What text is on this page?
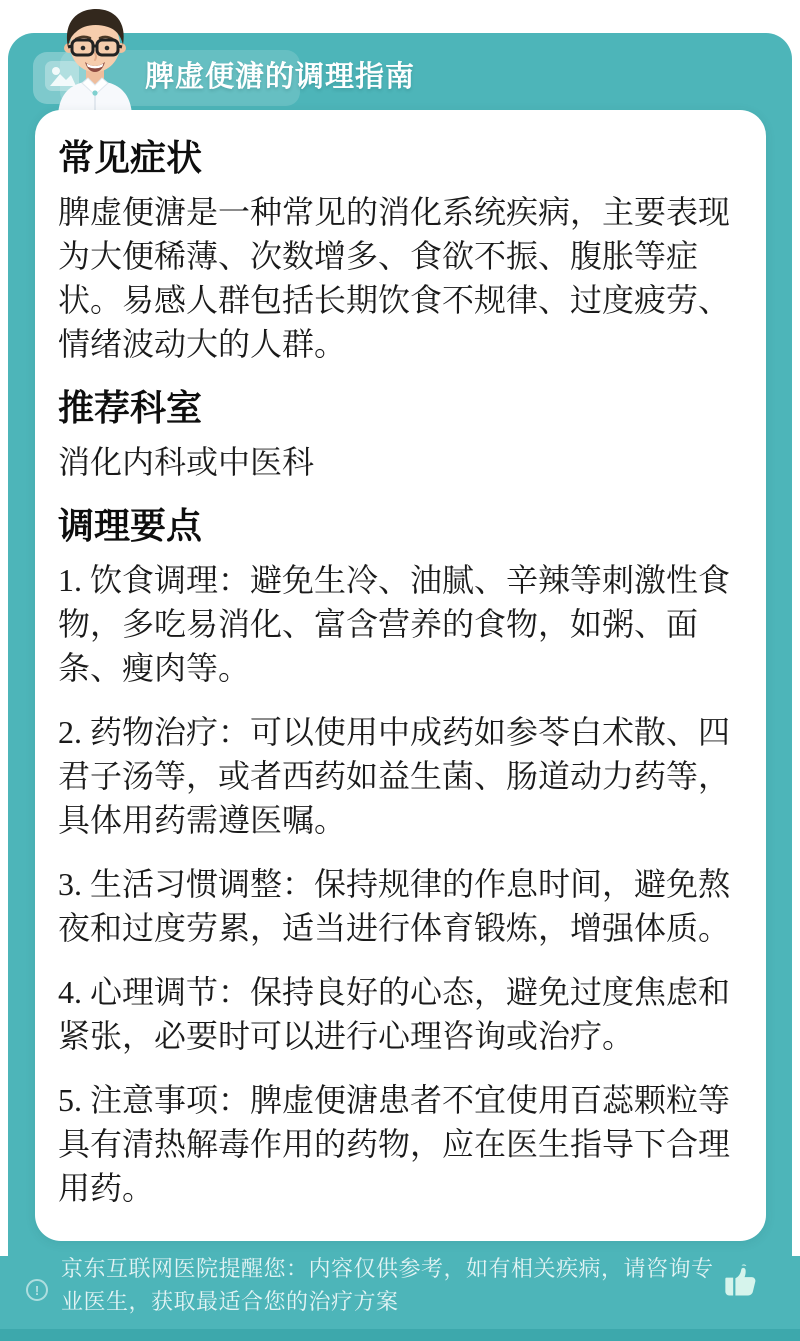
脾虚便溏的调理指南
常见症状

脾虚便溏是一种常见的消化系统疾病，主要表现为大便稀薄、次数增多、食欲不振、腹胀等症状。易感人群包括长期饮食不规律、过度疲劳、情绪波动大的人群。

推荐科室

消化内科或中医科

调理要点

1. 饮食调理：避免生冷、油腻、辛辣等刺激性食物，多吃易消化、富含营养的食物，如粥、面条、瘦肉等。

2. 药物治疗：可以使用中成药如参苓白术散、四君子汤等，或者西药如益生菌、肠道动力药等，具体用药需遵医嘱。

3. 生活习惯调整：保持规律的作息时间，避免熬夜和过度劳累，适当进行体育锻炼，增强体质。

4. 心理调节：保持良好的心态，避免过度焦虑和紧张，必要时可以进行心理咨询或治疗。

5. 注意事项：脾虚便溏患者不宜使用百蕊颗粒等具有清热解毒作用的药物，应在医生指导下合理用药。

!
京东互联网医院提醒您：内容仅供参考，如有相关疾病，请咨询专业医生，获取最适合您的治疗方案
